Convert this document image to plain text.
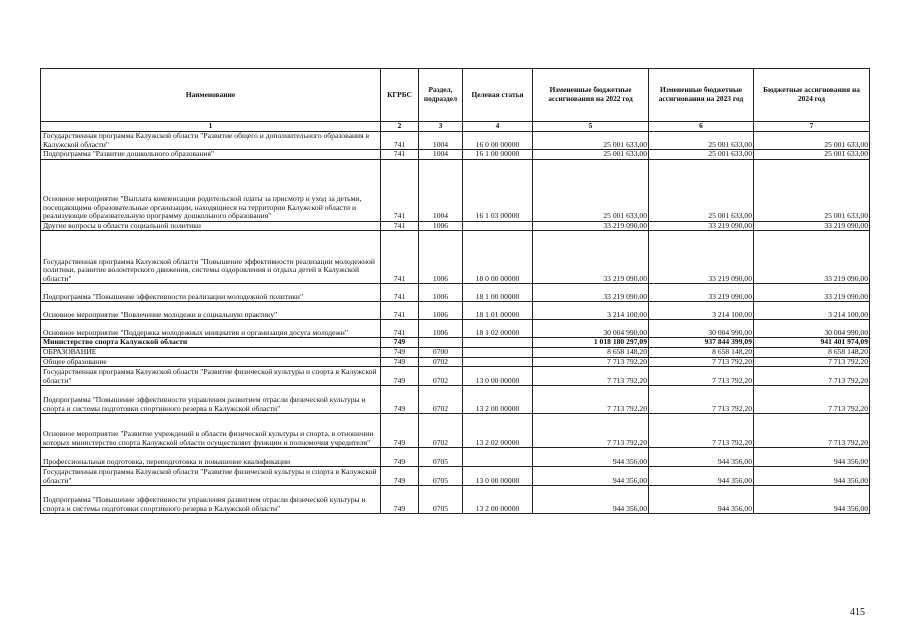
Наименование	КГРБС	Раздел, подраздел	Целевая статья	Измененные бюджетные ассигнования на 2022 год	Измененные бюджетные ассигнования на 2023 год	Бюджетные ассигнования на 2024 год
1	2	3	4	5	6	7
Государственная программа Калужской области "Развитие общего и дополнительного образования в Калужской области"	741	1004	16 0 00 00000	25 001 633,00	25 001 633,00	25 001 633,00
Подпрограмма "Развитие дошкольного образования"	741	1004	16 1 00 00000	25 001 633,00	25 001 633,00	25 001 633,00
Основное мероприятие "Выплата компенсации родительской платы за присмотр и уход за детьми, посещающими образовательные организации, находящиеся на территории Калужской области и реализующие образовательную программу дошкольного образования"	741	1004	16 1 03 00000	25 001 633,00	25 001 633,00	25 001 633,00
Другие вопросы в области социальной политики	741	1006		33 219 090,00	33 219 090,00	33 219 090,00
Государственная программа Калужской области "Повышение эффективности реализации молодежной политики, развитие волонтерского движения, системы оздоровления и отдыха детей в Калужской области"	741	1006	18 0 00 00000	33 219 090,00	33 219 090,00	33 219 090,00
Подпрограмма "Повышение эффективности реализации молодежной политики"	741	1006	18 1 00 00000	33 219 090,00	33 219 090,00	33 219 090,00
Основное мероприятие "Вовлечение молодежи в социальную практику"	741	1006	18 1 01 00000	3 214 100,00	3 214 100,00	3 214 100,00
Основное мероприятие "Поддержка молодежных инициатив и организация досуга молодежи"	741	1006	18 1 02 00000	30 004 990,00	30 004 990,00	30 004 990,00
Министерство спорта Калужской области	749			1 018 180 297,09	937 844 399,09	941 401 974,09
ОБРАЗОВАНИЕ	749	0700		8 658 148,20	8 658 148,20	8 658 148,20
Общее образование	749	0702		7 713 792,20	7 713 792,20	7 713 792,20
Государственная программа Калужской области "Развитие физической культуры и спорта в Калужской области"	749	0702	13 0 00 00000	7 713 792,20	7 713 792,20	7 713 792,20
Подпрограмма "Повышение эффективности управления развитием отрасли физической культуры и спорта и системы подготовки спортивного резерва в Калужской области"	749	0702	13 2 00 00000	7 713 792,20	7 713 792,20	7 713 792,20
Основное мероприятие "Развитие учреждений в области физической культуры и спорта, в отношении которых министерство спорта Калужской области осуществляет функции и полномочия учредителя"	749	0702	13 2 02 00000	7 713 792,20	7 713 792,20	7 713 792,20
Профессиональная подготовка, переподготовка и повышение квалификации	749	0705		944 356,00	944 356,00	944 356,00
Государственная программа Калужской области "Развитие физической культуры и спорта в Калужской области"	749	0705	13 0 00 00000	944 356,00	944 356,00	944 356,00
Подпрограмма "Повышение эффективности управления развитием отрасли физической культуры и спорта и системы подготовки спортивного резерва в Калужской области"	749	0705	13 2 00 00000	944 356,00	944 356,00	944 356,00
415
